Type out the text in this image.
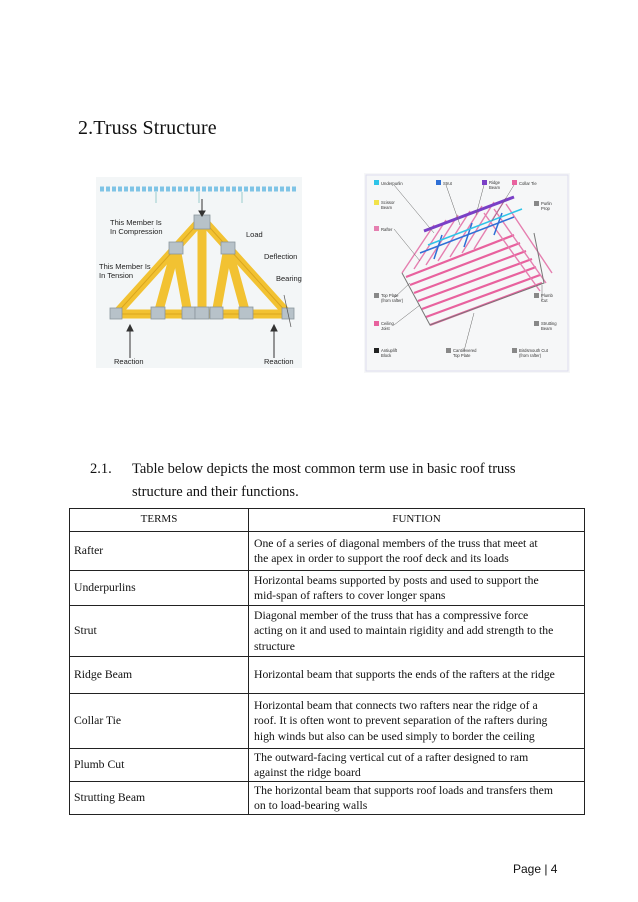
2.Truss Structure
This Member Is
In Compression
This Member Is
In Tension
Load
Deflection
Bearing
Reaction	Reaction
Underpurlin	Strut	Ridge
Beam
Collar Tie
Scissor
Beam
Purlin
Prop
Rafter
Top Plate
(from rafter)
Plumb
Cut
Ceiling
Joist
Strutting
Beam
Antiuplift
Block
Cantilevered
Top Plate
Birdsmouth Cut
(from rafter)
2.1. Table below depicts the most common term use in basic roof truss
structure and their functions.
TERMS	FUNTION
Rafter	One of a series of diagonal members of the truss that meet at
the apex in order to support the roof deck and its loads
Underpurlins	Horizontal beams supported by posts and used to support the
mid-span of rafters to cover longer spans
Strut	Diagonal member of the truss that has a compressive force
acting on it and used to maintain rigidity and add strength to the
structure
Ridge Beam	Horizontal beam that supports the ends of the rafters at the ridge
Collar Tie	Horizontal beam that connects two rafters near the ridge of a
roof. It is often wont to prevent separation of the rafters during
high winds but also can be used simply to border the ceiling
Plumb Cut	The outward-facing vertical cut of a rafter designed to ram
against the ridge board
Strutting Beam	The horizontal beam that supports roof loads and transfers them
on to load-bearing walls
Page | 4
